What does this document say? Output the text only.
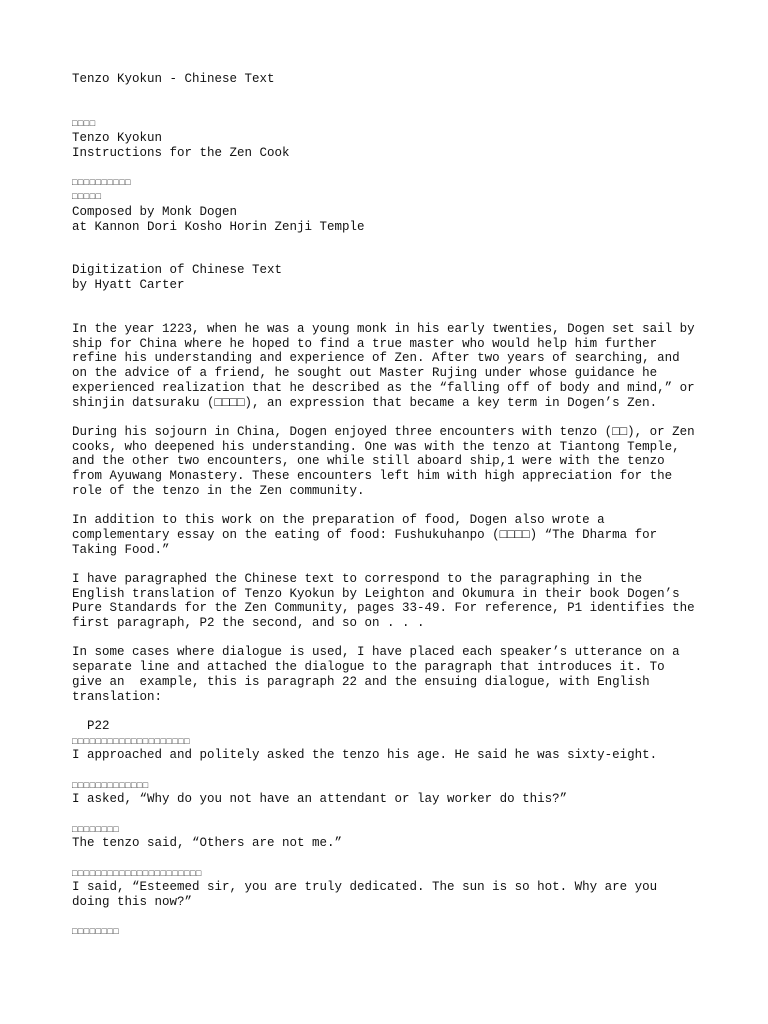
Tenzo Kyokun - Chinese Text
□□□□
Tenzo Kyokun
Instructions for the Zen Cook
□□□□□□□□□□
□□□□□
Composed by Monk Dogen
at Kannon Dori Kosho Horin Zenji Temple
Digitization of Chinese Text
by Hyatt Carter
In the year 1223, when he was a young monk in his early twenties, Dogen set sail by
ship for China where he hoped to find a true master who would help him further
refine his understanding and experience of Zen. After two years of searching, and
on the advice of a friend, he sought out Master Rujing under whose guidance he
experienced realization that he described as the “falling off of body and mind,” or
shinjin datsuraku (□□□□), an expression that became a key term in Dogen’s Zen.
During his sojourn in China, Dogen enjoyed three encounters with tenzo (□□), or Zen
cooks, who deepened his understanding. One was with the tenzo at Tiantong Temple,
and the other two encounters, one while still aboard ship,1 were with the tenzo
from Ayuwang Monastery. These encounters left him with high appreciation for the
role of the tenzo in the Zen community.
In addition to this work on the preparation of food, Dogen also wrote a
complementary essay on the eating of food: Fushukuhanpo (□□□□) “The Dharma for
Taking Food.”
I have paragraphed the Chinese text to correspond to the paragraphing in the
English translation of Tenzo Kyokun by Leighton and Okumura in their book Dogen’s
Pure Standards for the Zen Community, pages 33-49. For reference, P1 identifies the
first paragraph, P2 the second, and so on . . .
In some cases where dialogue is used, I have placed each speaker’s utterance on a
separate line and attached the dialogue to the paragraph that introduces it. To
give an  example, this is paragraph 22 and the ensuing dialogue, with English
translation:
P22
□□□□□□□□□□□□□□□□□□□□
I approached and politely asked the tenzo his age. He said he was sixty-eight.
□□□□□□□□□□□□□
I asked, “Why do you not have an attendant or lay worker do this?”
□□□□□□□□
The tenzo said, “Others are not me.”
□□□□□□□□□□□□□□□□□□□□□□
I said, “Esteemed sir, you are truly dedicated. The sun is so hot. Why are you
doing this now?”
□□□□□□□□
